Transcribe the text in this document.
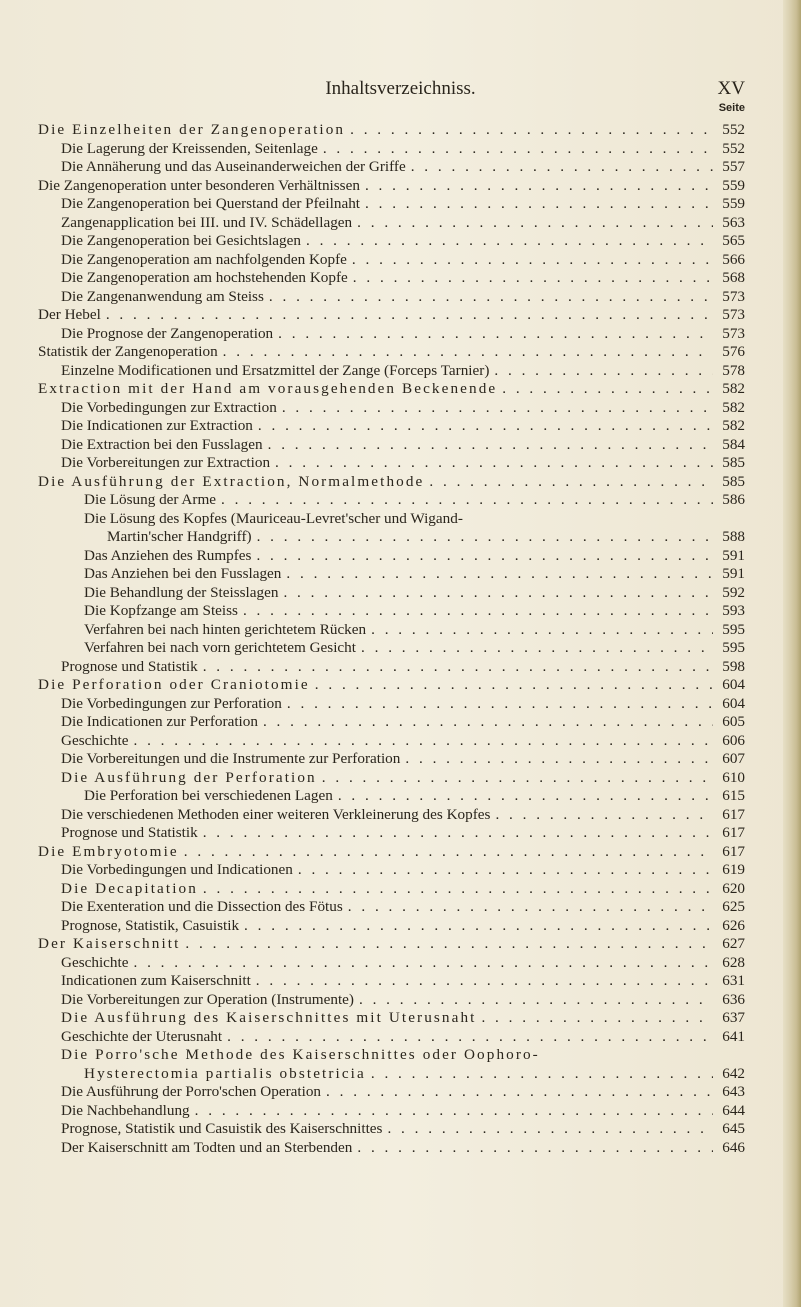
Inhaltsverzeichniss.	XV
Seite
Die Einzelheiten der Zangenoperation . . .	552
Die Lagerung der Kreissenden, Seitenlage . . .	552
Die Annäherung und das Auseinanderweichen der Griffe . . .	557
Die Zangenoperation unter besonderen Verhältnissen . . .	559
Die Zangenoperation bei Querstand der Pfeilnaht . . .	559
Zangenapplication bei III. und IV. Schädellagen . . .	563
Die Zangenoperation bei Gesichtslagen . . .	565
Die Zangenoperation am nachfolgenden Kopfe . . .	566
Die Zangenoperation am hochstehenden Kopfe . . .	568
Die Zangenanwendung am Steiss . . .	573
Der Hebel . . .	573
Die Prognose der Zangenoperation . . .	573
Statistik der Zangenoperation . . .	576
Einzelne Modificationen und Ersatzmittel der Zange (Forceps Tarnier) . . .	578
Extraction mit der Hand am vorausgehenden Beckenende . . .	582
Die Vorbedingungen zur Extraction . . .	582
Die Indicationen zur Extraction . . .	582
Die Extraction bei den Fusslagen . . .	584
Die Vorbereitungen zur Extraction . . .	585
Die Ausführung der Extraction, Normalmethode . . .	585
Die Lösung der Arme . . .	586
Die Lösung des Kopfes (Mauriceau-Levret'scher und Wigand-
Martin'scher Handgriff) . . .	588
Das Anziehen des Rumpfes . . .	591
Das Anziehen bei den Fusslagen . . .	591
Die Behandlung der Steisslagen . . .	592
Die Kopfzange am Steiss . . .	593
Verfahren bei nach hinten gerichtetem Rücken . . .	595
Verfahren bei nach vorn gerichtetem Gesicht . . .	595
Prognose und Statistik . . .	598
Die Perforation oder Craniotomie . . .	604
Die Vorbedingungen zur Perforation . . .	604
Die Indicationen zur Perforation . . .	605
Geschichte . . .	606
Die Vorbereitungen und die Instrumente zur Perforation . . .	607
Die Ausführung der Perforation . . .	610
Die Perforation bei verschiedenen Lagen . . .	615
Die verschiedenen Methoden einer weiteren Verkleinerung des Kopfes . . .	617
Prognose und Statistik . . .	617
Die Embryotomie . . .	617
Die Vorbedingungen und Indicationen . . .	619
Die Decapitation . . .	620
Die Exenteration und die Dissection des Fötus . . .	625
Prognose, Statistik, Casuistik . . .	626
Der Kaiserschnitt . . .	627
Geschichte . . .	628
Indicationen zum Kaiserschnitt . . .	631
Die Vorbereitungen zur Operation (Instrumente) . . .	636
Die Ausführung des Kaiserschnittes mit Uterusnaht . . .	637
Geschichte der Uterusnaht . . .	641
Die Porro'sche Methode des Kaiserschnittes oder Oophoro-
Hysterectomia partialis obstetricia . . .	642
Die Ausführung der Porro'schen Operation . . .	643
Die Nachbehandlung . . .	644
Prognose, Statistik und Casuistik des Kaiserschnittes . . .	645
Der Kaiserschnitt am Todten und an Sterbenden . . .	646
